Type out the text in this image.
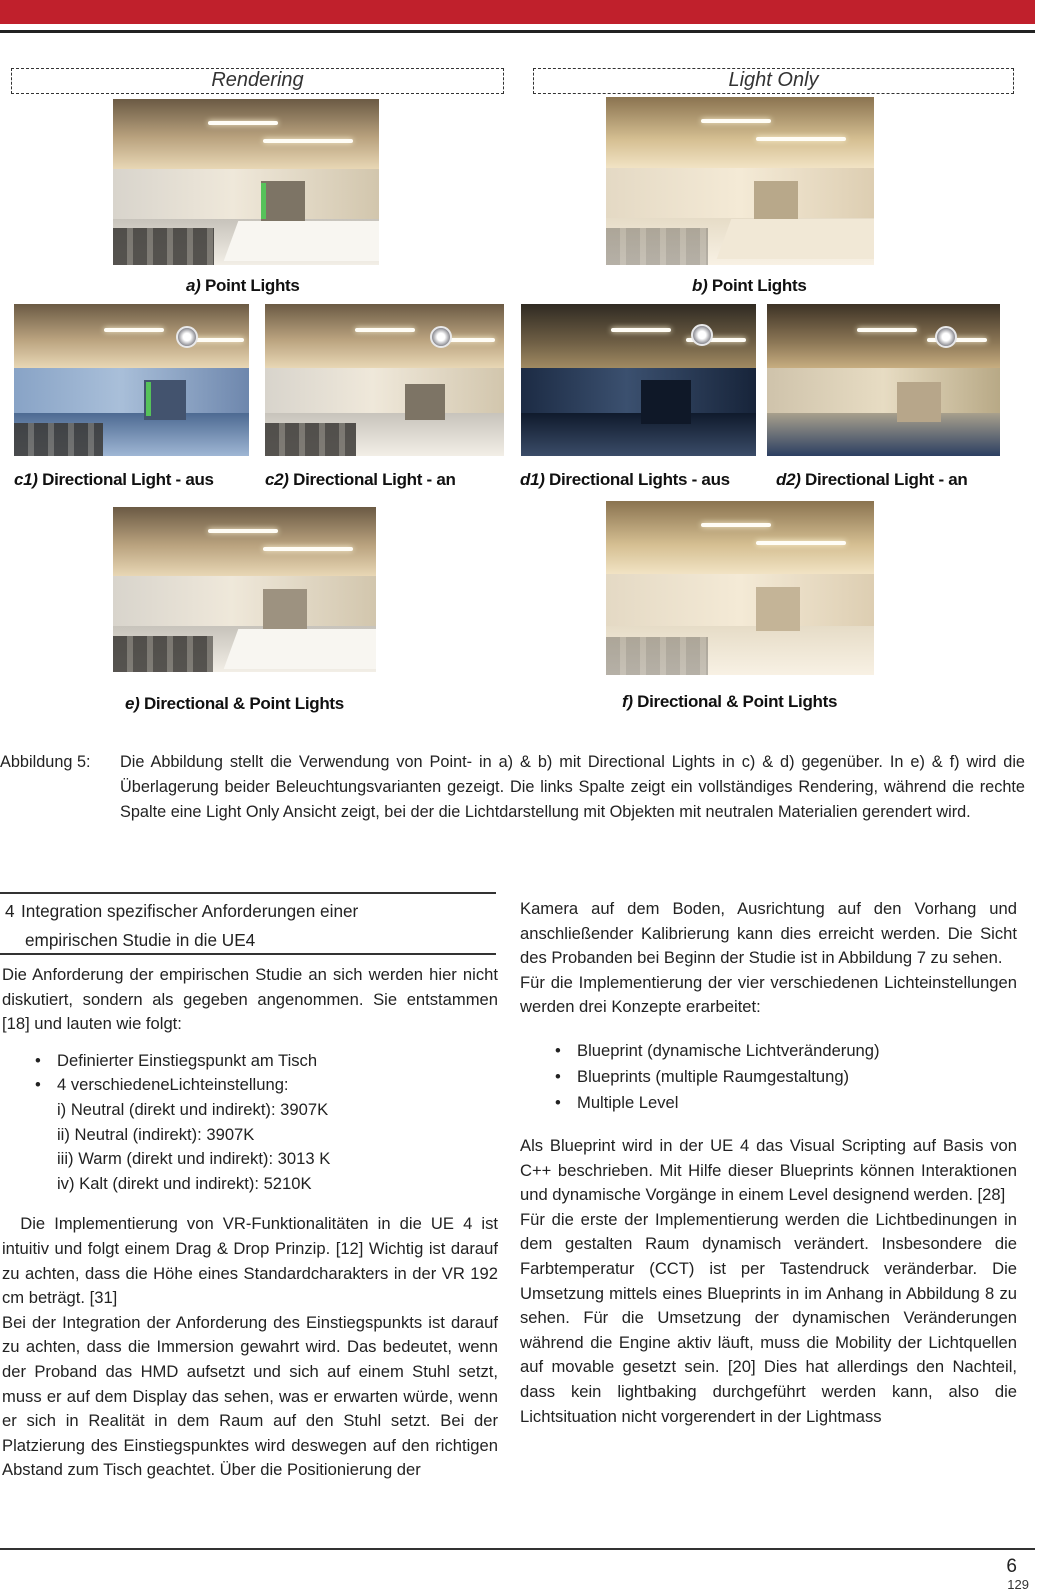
Rendering	Light Only
a) Point Lights	b) Point Lights
c1) Directional Light - aus	c2) Directional Light - an	d1) Directional Lights - aus	d2) Directional Light - an
e) Directional & Point Lights	f) Directional & Point Lights
Abbildung 5: Die Abbildung stellt die Verwendung von Point- in a) & b) mit Directional Lights in c) & d) gegenüber. In e) & f) wird die Überlagerung beider Beleuchtungsvarianten gezeigt. Die links Spalte zeigt ein vollständiges Rendering, während die rechte Spalte eine Light Only Ansicht zeigt, bei der die Lichtdarstellung mit Objekten mit neutralen Materialien gerendert wird.
4 Integration spezifischer Anforderungen einer
empirischen Studie in die UE4

Die Anforderung der empirischen Studie an sich werden hier nicht diskutiert, sondern als gegeben angenommen. Sie entstammen [18] und lauten wie folgt:

• Definierter Einstiegspunkt am Tisch
• 4 verschiedeneLichteinstellung:
i) Neutral (direkt und indirekt): 3907K
ii) Neutral (indirekt): 3907K
iii) Warm (direkt und indirekt): 3013 K
iv) Kalt (direkt und indirekt): 5210K

Die Implementierung von VR-Funktionalitäten in die UE 4 ist intuitiv und folgt einem Drag & Drop Prinzip. [12] Wichtig ist darauf zu achten, dass die Höhe eines Standardcharakters in der VR 192 cm beträgt. [31]

Bei der Integration der Anforderung des Einstiegspunkts ist darauf zu achten, dass die Immersion gewahrt wird. Das bedeutet, wenn der Proband das HMD aufsetzt und sich auf einem Stuhl setzt, muss er auf dem Display das sehen, was er erwarten würde, wenn er sich in Realität in dem Raum auf den Stuhl setzt. Bei der Platzierung des Einstiegspunktes wird deswegen auf den richtigen Abstand zum Tisch geachtet. Über die Positionierung der

Kamera auf dem Boden, Ausrichtung auf den Vorhang und anschließender Kalibrierung kann dies erreicht werden. Die Sicht des Probanden bei Beginn der Studie ist in Abbildung 7 zu sehen.

Für die Implementierung der vier verschiedenen Lichteinstellungen werden drei Konzepte erarbeitet:

• Blueprint (dynamische Lichtveränderung)
• Blueprints (multiple Raumgestaltung)
• Multiple Level

Als Blueprint wird in der UE 4 das Visual Scripting auf Basis von C++ beschrieben. Mit Hilfe dieser Blueprints können Interaktionen und dynamische Vorgänge in einem Level designend werden. [28]

Für die erste der Implementierung werden die Lichtbedinungen in dem gestalten Raum dynamisch verändert. Insbesondere die Farbtemperatur (CCT) ist per Tastendruck veränderbar. Die Umsetzung mittels eines Blueprints in im Anhang in Abbildung 8 zu sehen. Für die Umsetzung der dynamischen Veränderungen während die Engine aktiv läuft, muss die Mobility der Lichtquellen auf movable gesetzt sein. [20] Dies hat allerdings den Nachteil, dass kein lightbaking durchgeführt werden kann, also die Lichtsituation nicht vorgerendert in der Lightmass

6
129
